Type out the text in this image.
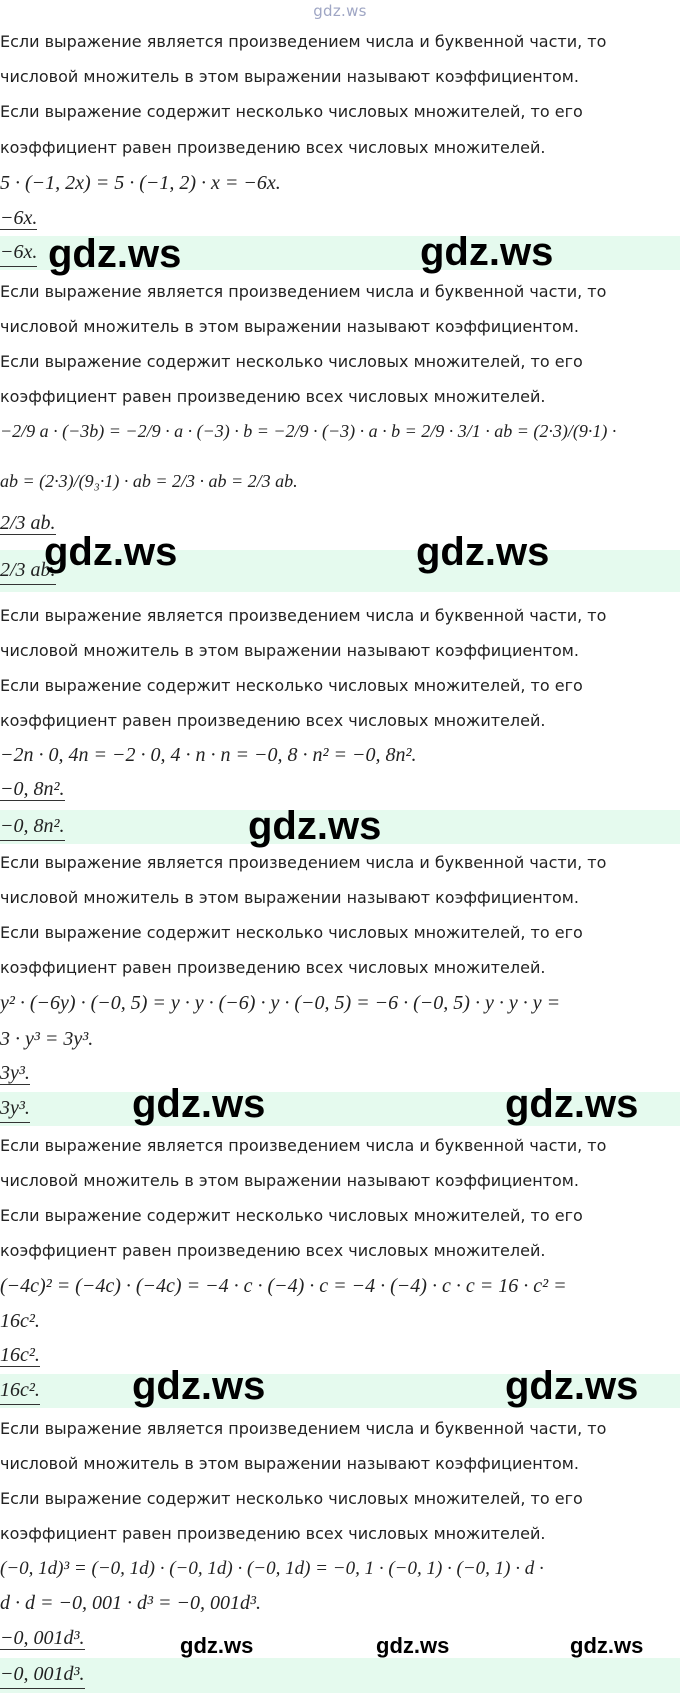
gdz.ws
Если выражение является произведением числа и буквенной части, то
числовой множитель в этом выражении называют коэффициентом.
Если выражение содержит несколько числовых множителей, то его
коэффициент равен произведению всех числовых множителей.
5 · (−1, 2x) = 5 · (−1, 2) · x = −6x.
−6x.
−6x. gdz.ws	gdz.ws
Если выражение является произведением числа и буквенной части, то
числовой множитель в этом выражении называют коэффициентом.
Если выражение содержит несколько числовых множителей, то его
коэффициент равен произведению всех числовых множителей.
−2/9 a · (−3b) = −2/9 · a · (−3) · b = −2/9 · (−3) · a · b = 2/9 · 3/1 · ab = (2·3)/(9·1) ·
ab = (2·3)/(9₃·1) · ab = 2/3 · ab = 2/3 ab.
2/3 ab.
2/3 ab.
gdz.ws	gdz.ws
Если выражение является произведением числа и буквенной части, то
числовой множитель в этом выражении называют коэффициентом.
Если выражение содержит несколько числовых множителей, то его
коэффициент равен произведению всех числовых множителей.
−2n · 0, 4n = −2 · 0, 4 · n · n = −0, 8 · n² = −0, 8n².
−0, 8n².
−0, 8n².	gdz.ws
Если выражение является произведением числа и буквенной части, то
числовой множитель в этом выражении называют коэффициентом.
Если выражение содержит несколько числовых множителей, то его
коэффициент равен произведению всех числовых множителей.
y² · (−6y) · (−0, 5) = y · y · (−6) · y · (−0, 5) = −6 · (−0, 5) · y · y · y =
3 · y³ = 3y³.
3y³.
3y³.	gdz.ws	gdz.ws
Если выражение является произведением числа и буквенной части, то
числовой множитель в этом выражении называют коэффициентом.
Если выражение содержит несколько числовых множителей, то его
коэффициент равен произведению всех числовых множителей.
(−4c)² = (−4c) · (−4c) = −4 · c · (−4) · c = −4 · (−4) · c · c = 16 · c² =
16c².
16c².
16c². gdz.ws	gdz.ws
Если выражение является произведением числа и буквенной части, то
числовой множитель в этом выражении называют коэффициентом.
Если выражение содержит несколько числовых множителей, то его
коэффициент равен произведению всех числовых множителей.
(−0, 1d)³ = (−0, 1d) · (−0, 1d) · (−0, 1d) = −0, 1 · (−0, 1) · (−0, 1) · d ·
d · d = −0, 001 · d³ = −0, 001d³.
−0, 001d³.
−0, 001d³.
gdz.ws	gdz.ws	gdz.ws
